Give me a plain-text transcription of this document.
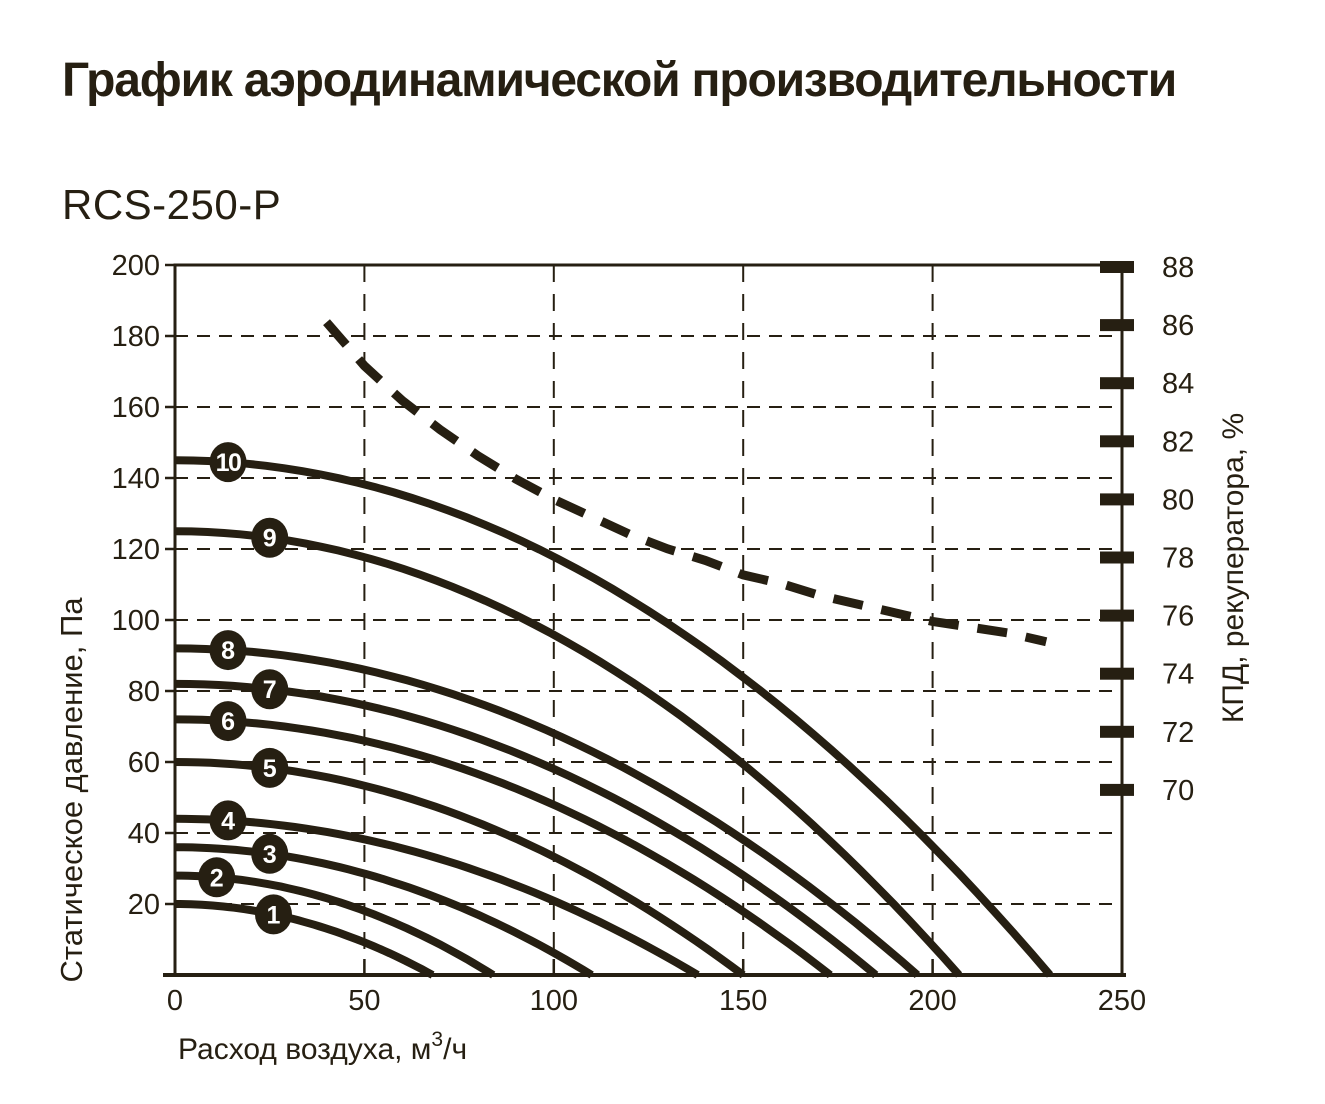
График аэродинамической производительности
RCS-250-P
88
86
84
82
80
78
76
74
72
70
1
2
3
4
5
6
7
8
9
10
200
180
160
140
120
100
80
60
40
20
0	50	100	150	200	250
Расход воздуха, $м^3/ч$
Статическое давление, Па
КПД, рекуператора, %
